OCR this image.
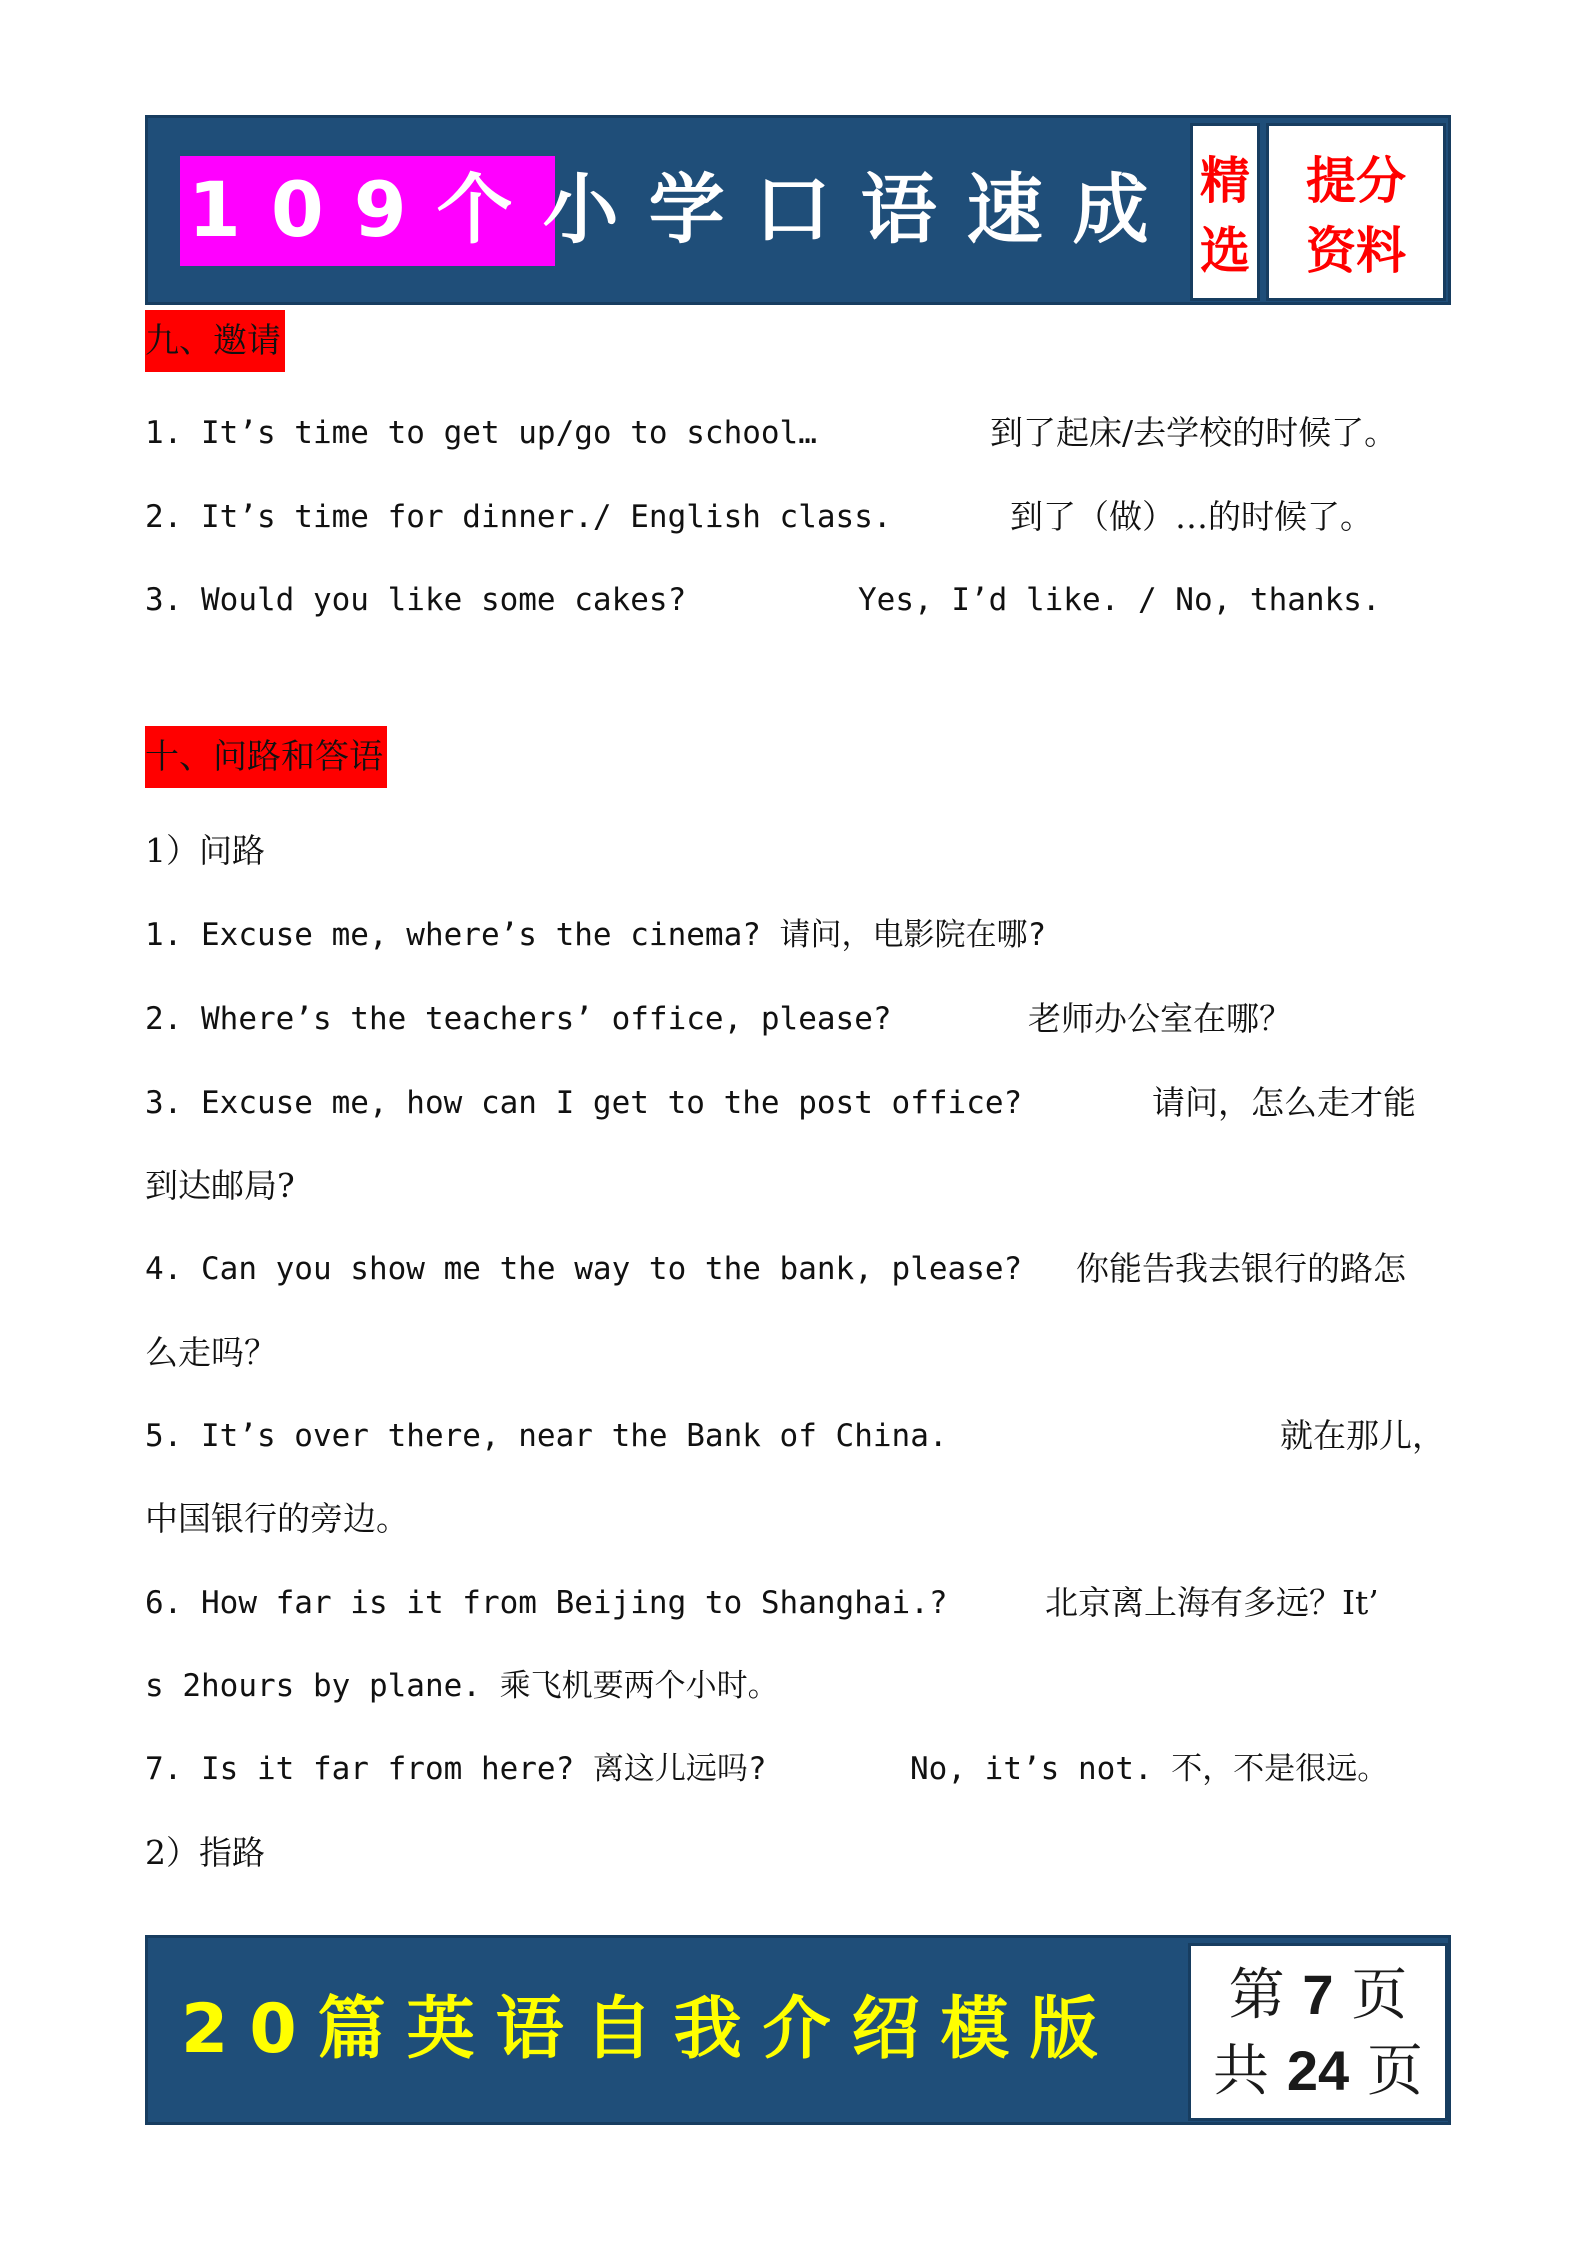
109个小学口语速成 精
选
提分
资料
九、邀请
1. It’s time to get up/go to school…	到了起床/去学校的时候了。
2. It’s time for dinner./ English class.	到了（做）…的时候了。
3. Would you like some cakes?	Yes, I’d like. / No, thanks.
十、问路和答语
1）问路
1. Excuse me, where’s the cinema? 请问，电影院在哪?
2. Where’s the teachers’ office, please?	老师办公室在哪？
3. Excuse me, how can I get to the post office?	请问，怎么走才能
到达邮局?
4. Can you show me the way to the bank, please? 你能告我去银行的路怎
么走吗？
5. It’s over there, near the Bank of China.	就在那儿，
中国银行的旁边。
6. How far is it from Beijing to Shanghai.?	北京离上海有多远？It’
s 2hours by plane. 乘飞机要两个小时。
7. Is it far from here? 离这儿远吗?	No, it’s not. 不，不是很远。
2）指路
20篇英语自我介绍模版	第 7 页
共 24 页
